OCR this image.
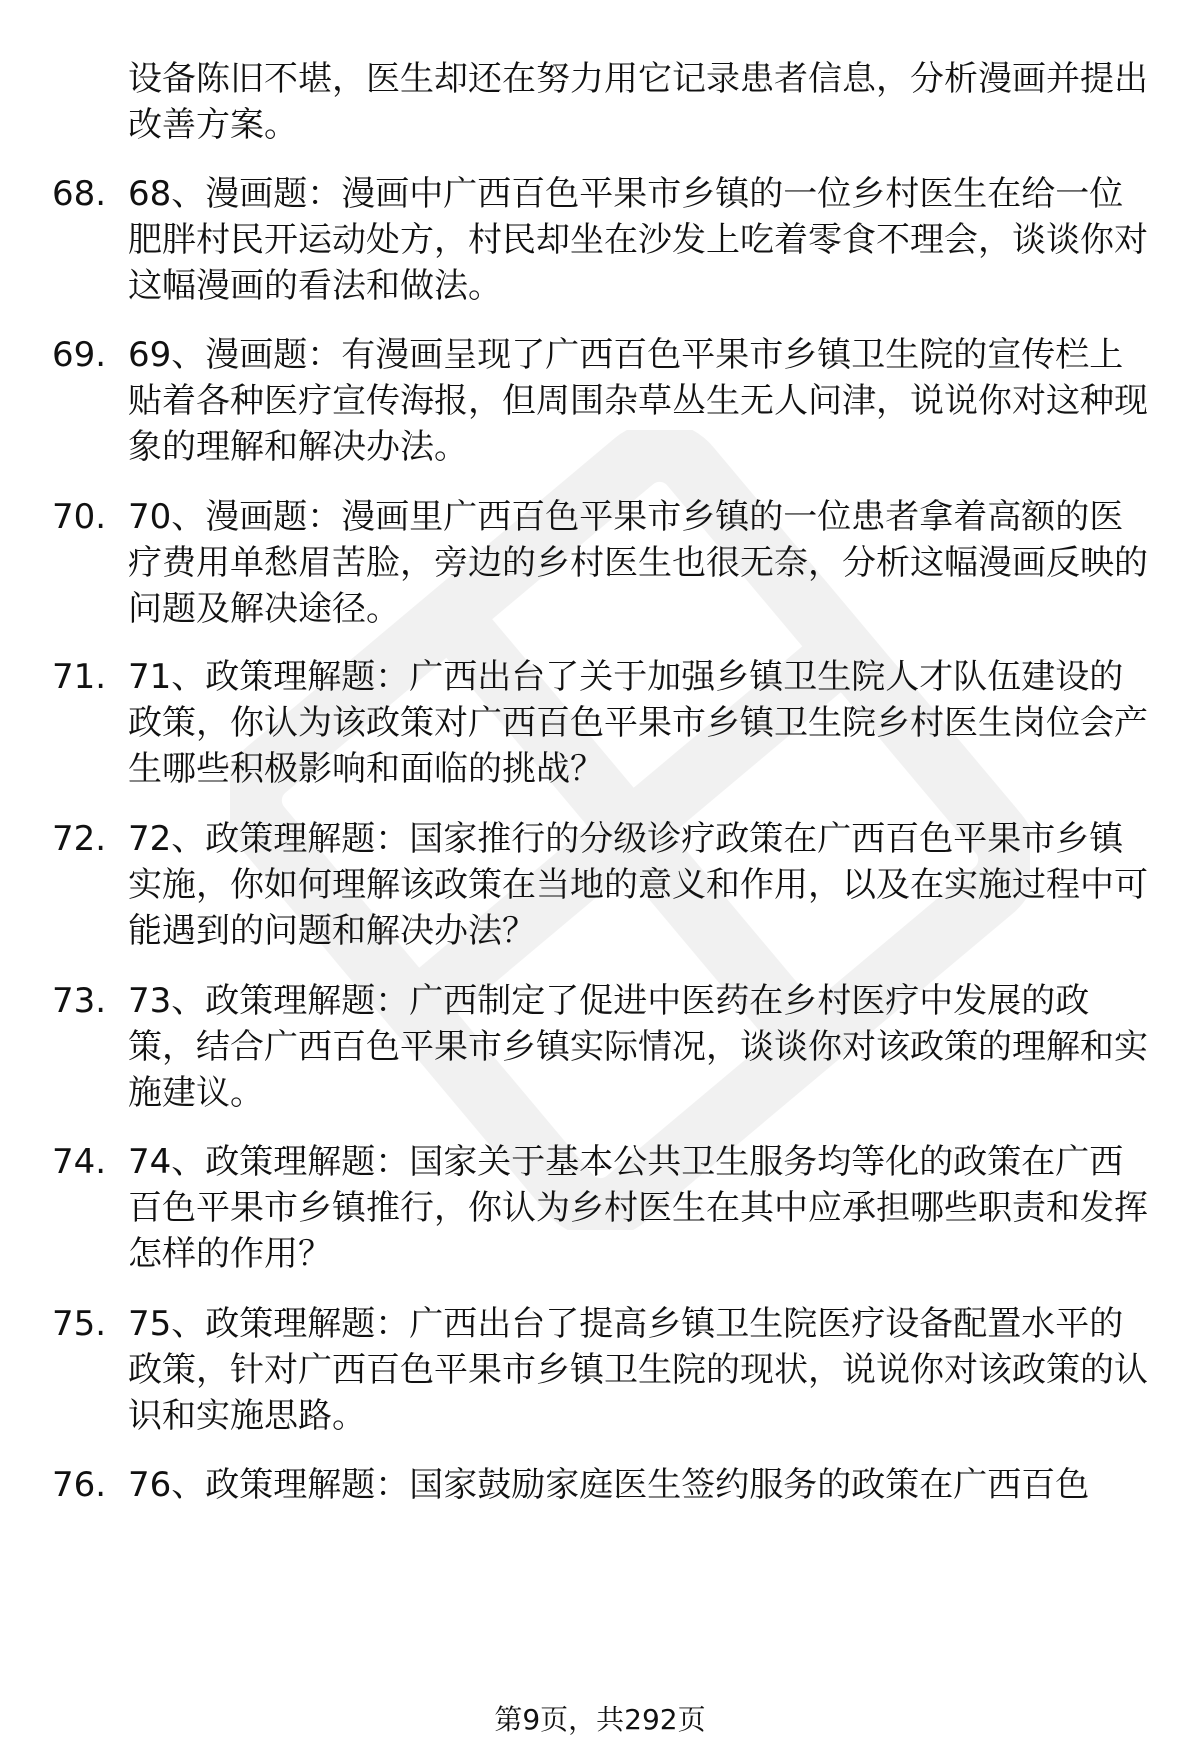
设备陈旧不堪，医生却还在努力用它记录患者信息，分析漫画并提出改善方案。
68. 68、漫画题：漫画中广西百色平果市乡镇的一位乡村医生在给一位肥胖村民开运动处方，村民却坐在沙发上吃着零食不理会，谈谈你对这幅漫画的看法和做法。
69. 69、漫画题：有漫画呈现了广西百色平果市乡镇卫生院的宣传栏上贴着各种医疗宣传海报，但周围杂草丛生无人问津，说说你对这种现象的理解和解决办法。
70. 70、漫画题：漫画里广西百色平果市乡镇的一位患者拿着高额的医疗费用单愁眉苦脸，旁边的乡村医生也很无奈，分析这幅漫画反映的问题及解决途径。
71. 71、政策理解题：广西出台了关于加强乡镇卫生院人才队伍建设的政策，你认为该政策对广西百色平果市乡镇卫生院乡村医生岗位会产生哪些积极影响和面临的挑战？
72. 72、政策理解题：国家推行的分级诊疗政策在广西百色平果市乡镇实施，你如何理解该政策在当地的意义和作用，以及在实施过程中可能遇到的问题和解决办法？
73. 73、政策理解题：广西制定了促进中医药在乡村医疗中发展的政策，结合广西百色平果市乡镇实际情况，谈谈你对该政策的理解和实施建议。
74. 74、政策理解题：国家关于基本公共卫生服务均等化的政策在广西百色平果市乡镇推行，你认为乡村医生在其中应承担哪些职责和发挥怎样的作用？
75. 75、政策理解题：广西出台了提高乡镇卫生院医疗设备配置水平的政策，针对广西百色平果市乡镇卫生院的现状，说说你对该政策的认识和实施思路。
76. 76、政策理解题：国家鼓励家庭医生签约服务的政策在广西百色
第9页，共292页
